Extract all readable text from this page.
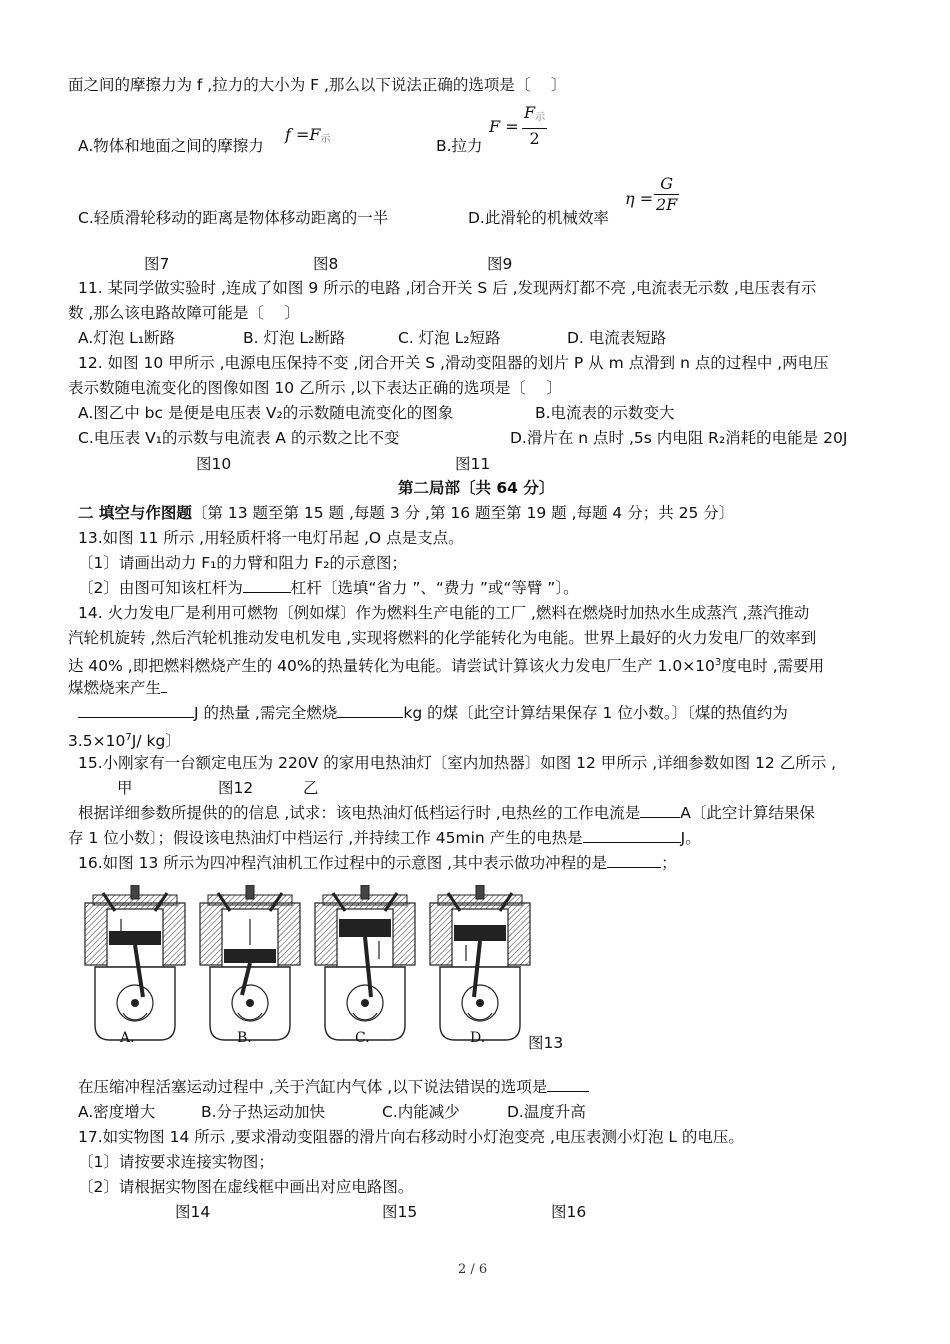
面之间的摩擦力为 f ,拉力的大小为 F ,那么以下说法正确的选项是〔　 〕
A.物体和地面之间的摩擦力
$f =F_示$	B.拉力
F =
$F_示$
2
C.轻质滑轮移动的距离是物体移动距离的一半	D.此滑轮的机械效率
$\eta = \frac{G}{2F}$
图7	图8	图9
11. 某同学做实验时 ,连成了如图 9 所示的电路 ,闭合开关 S 后 ,发现两灯都不亮 ,电流表无示数 ,电压表有示
数 ,那么该电路故障可能是〔　 〕
A.灯泡 L₁断路	B. 灯泡 L₂断路	C. 灯泡 L₂短路	D. 电流表短路
12. 如图 10 甲所示 ,电源电压保持不变 ,闭合开关 S ,滑动变阻器的划片 P 从 m 点滑到 n 点的过程中 ,两电压
表示数随电流变化的图像如图 10 乙所示 ,以下表达正确的选项是〔　 〕
A.图乙中 bc 是便是电压表 V₂的示数随电流变化的图象	B.电流表的示数变大
C.电压表 V₁的示数与电流表 A 的示数之比不变	D.滑片在 n 点时 ,5s 内电阻 R₂消耗的电能是 20J
图10	图11
第二局部〔共 64 分〕
二 填空与作图题〔第 13 题至第 15 题 ,每题 3 分 ,第 16 题至第 19 题 ,每题 4 分；共 25 分〕
13.如图 11 所示 ,用轻质杆将一电灯吊起 ,O 点是支点。
〔1〕请画出动力 F₁的力臂和阻力 F₂的示意图；
〔2〕由图可知该杠杆为	杠杆〔选填“省力 ”、“费力 ”或“等臂 ”〕。
14. 火力发电厂是利用可燃物〔例如煤〕作为燃料生产电能的工厂 ,燃料在燃烧时加热水生成蒸汽 ,蒸汽推动
汽轮机旋转 ,然后汽轮机推动发电机发电 ,实现将燃料的化学能转化为电能。世界上最好的火力发电厂的效率到
达 40% ,即把燃料燃烧产生的 40%的热量转化为电能。请尝试计算该火力发电厂生产 $1.0\times 10^3$度电时 ,需要用
煤燃烧来产生
J 的热量 ,需完全燃烧	kg 的煤〔此空计算结果保存 1 位小数。〕〔煤的热值约为
$3.5\times 10^7J/$ kg〕
15.小刚家有一台额定电压为 220V 的家用电热油灯〔室内加热器〕如图 12 甲所示 ,详细参数如图 12 乙所示 ,
甲	图12	乙
根据详细参数所提供的的信息 ,试求：该电热油灯低档运行时 ,电热丝的工作电流是	A〔此空计算结果保
存 1 位小数〕；假设该电热油灯中档运行 ,并持续工作 45min 产生的电热是	J。
16.如图 13 所示为四冲程汽油机工作过程中的示意图 ,其中表示做功冲程的是	；
A.	B.	C.	D.	图13
在压缩冲程活塞运动过程中 ,关于汽缸内气体 ,以下说法错误的选项是
A.密度增大	B.分子热运动加快	C.内能减少	D.温度升高
17.如实物图 14 所示 ,要求滑动变阻器的滑片向右移动时小灯泡变亮 ,电压表测小灯泡 L 的电压。
〔1〕请按要求连接实物图；
〔2〕请根据实物图在虚线框中画出对应电路图。
图14	图15	图16
2 / 6
